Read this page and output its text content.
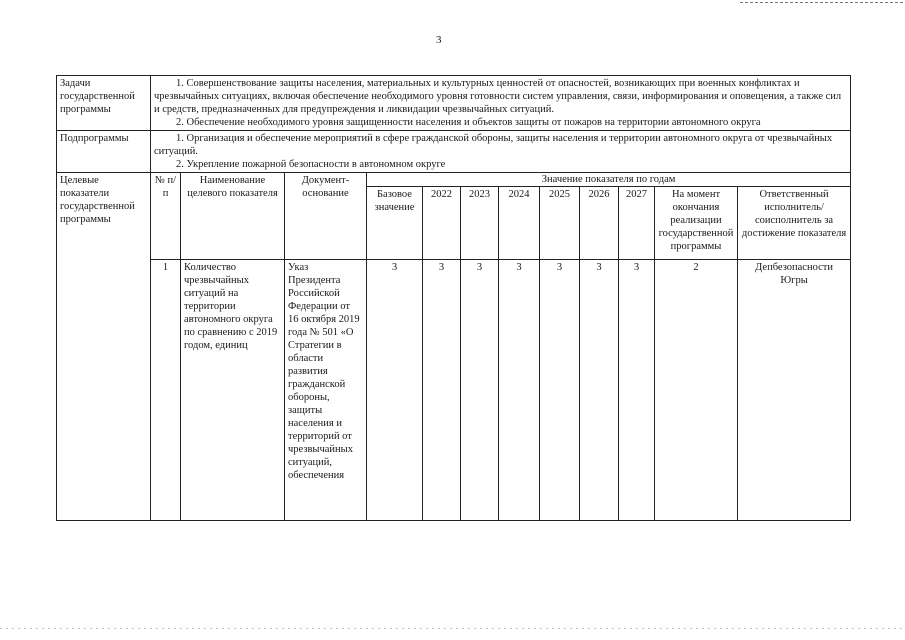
3
Задачи государственной программы	1. Совершенствование защиты населения, материальных и культурных ценностей от опасностей, возникающих при военных конфликтах и чрезвычайных ситуациях, включая обеспечение необходимого уровня готовности систем управления, связи, информирования и оповещения, а также сил и средств, предназначенных для предупреждения и ликвидации чрезвычайных ситуаций.

2. Обеспечение необходимого уровня защищенности населения и объектов защиты от пожаров на территории автономного округа											

Подпрограммы	1. Организация и обеспечение мероприятий в сфере гражданской обороны, защиты населения и территории автономного округа от чрезвычайных ситуаций.

2. Укрепление пожарной безопасности в автономном округе											

Целевые показатели государственной программы	№ п/п	Наименование целевого показателя	Документ-основание	Значение показателя по годам								
				Базовое значение	2022	2023	2024	2025	2026	2027	На момент окончания реализации государственной программы	Ответственный исполнитель/ соисполнитель за достижение показателя
	1	Количество чрезвычайных ситуаций на территории автономного округа по сравнению с 2019 годом, единиц	Указ Президента Российской Федерации от 16 октября 2019 года № 501 «О Стратегии в области развития гражданской обороны, защиты населения и территорий от чрезвычайных ситуаций, обеспечения	3	3	3	3	3	3	3	2	Депбезопасности Югры
